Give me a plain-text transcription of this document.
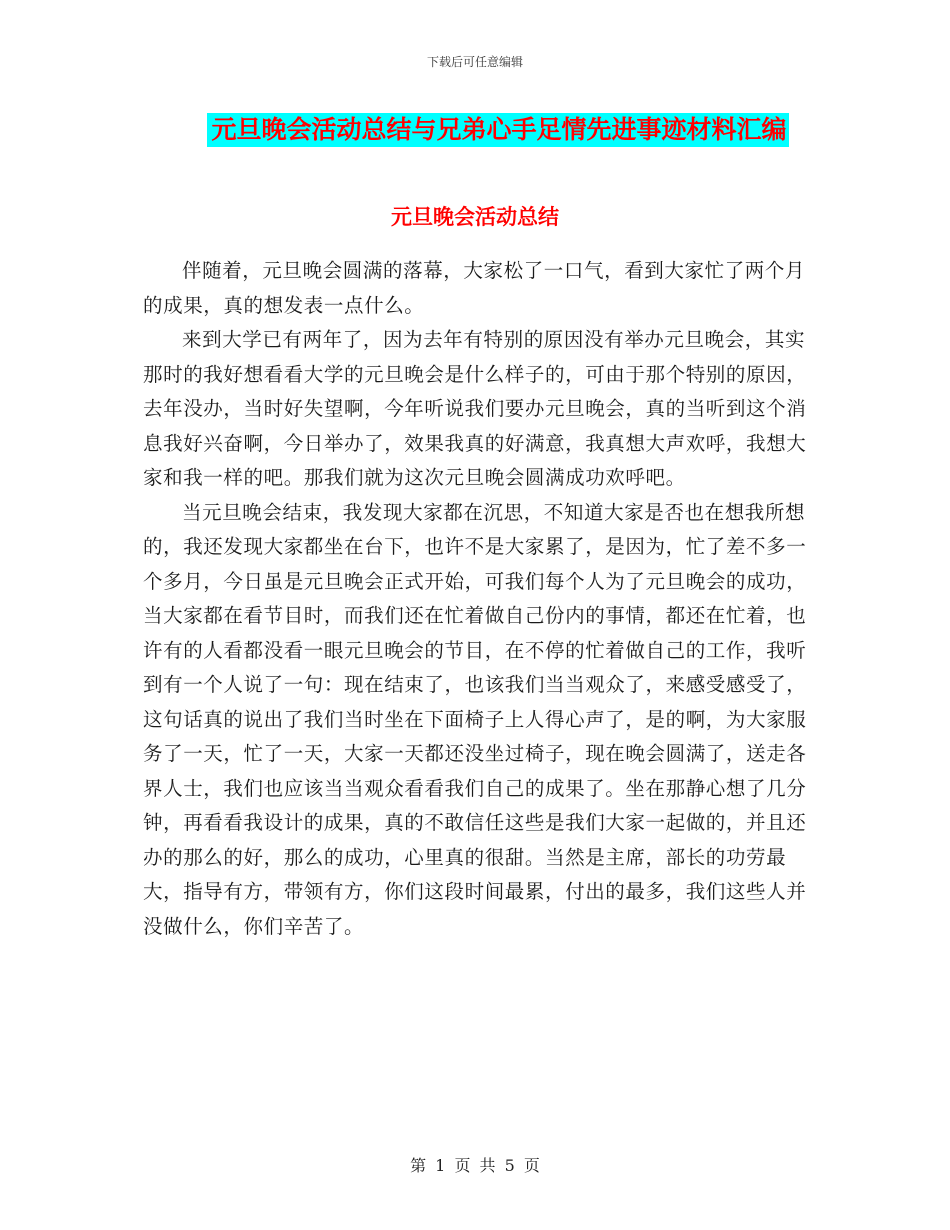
下载后可任意编辑
元旦晚会活动总结与兄弟心手足情先进事迹材料汇编
元旦晚会活动总结

伴随着，元旦晚会圆满的落幕，大家松了一口气，看到大家忙了两个月的成果，真的想发表一点什么。

来到大学已有两年了，因为去年有特别的原因没有举办元旦晚会，其实那时的我好想看看大学的元旦晚会是什么样子的，可由于那个特别的原因，去年没办，当时好失望啊，今年听说我们要办元旦晚会，真的当听到这个消息我好兴奋啊，今日举办了，效果我真的好满意，我真想大声欢呼，我想大家和我一样的吧。那我们就为这次元旦晚会圆满成功欢呼吧。

当元旦晚会结束，我发现大家都在沉思，不知道大家是否也在想我所想的，我还发现大家都坐在台下，也许不是大家累了，是因为，忙了差不多一个多月，今日虽是元旦晚会正式开始，可我们每个人为了元旦晚会的成功，当大家都在看节目时，而我们还在忙着做自己份内的事情，都还在忙着，也许有的人看都没看一眼元旦晚会的节目，在不停的忙着做自己的工作，我听到有一个人说了一句：现在结束了，也该我们当当观众了，来感受感受了，这句话真的说出了我们当时坐在下面椅子上人得心声了，是的啊，为大家服务了一天，忙了一天，大家一天都还没坐过椅子，现在晚会圆满了，送走各界人士，我们也应该当当观众看看我们自己的成果了。坐在那静心想了几分钟，再看看我设计的成果，真的不敢信任这些是我们大家一起做的，并且还办的那么的好，那么的成功，心里真的很甜。当然是主席，部长的功劳最大，指导有方，带领有方，你们这段时间最累，付出的最多，我们这些人并没做什么，你们辛苦了。

第 1 页 共 5 页
